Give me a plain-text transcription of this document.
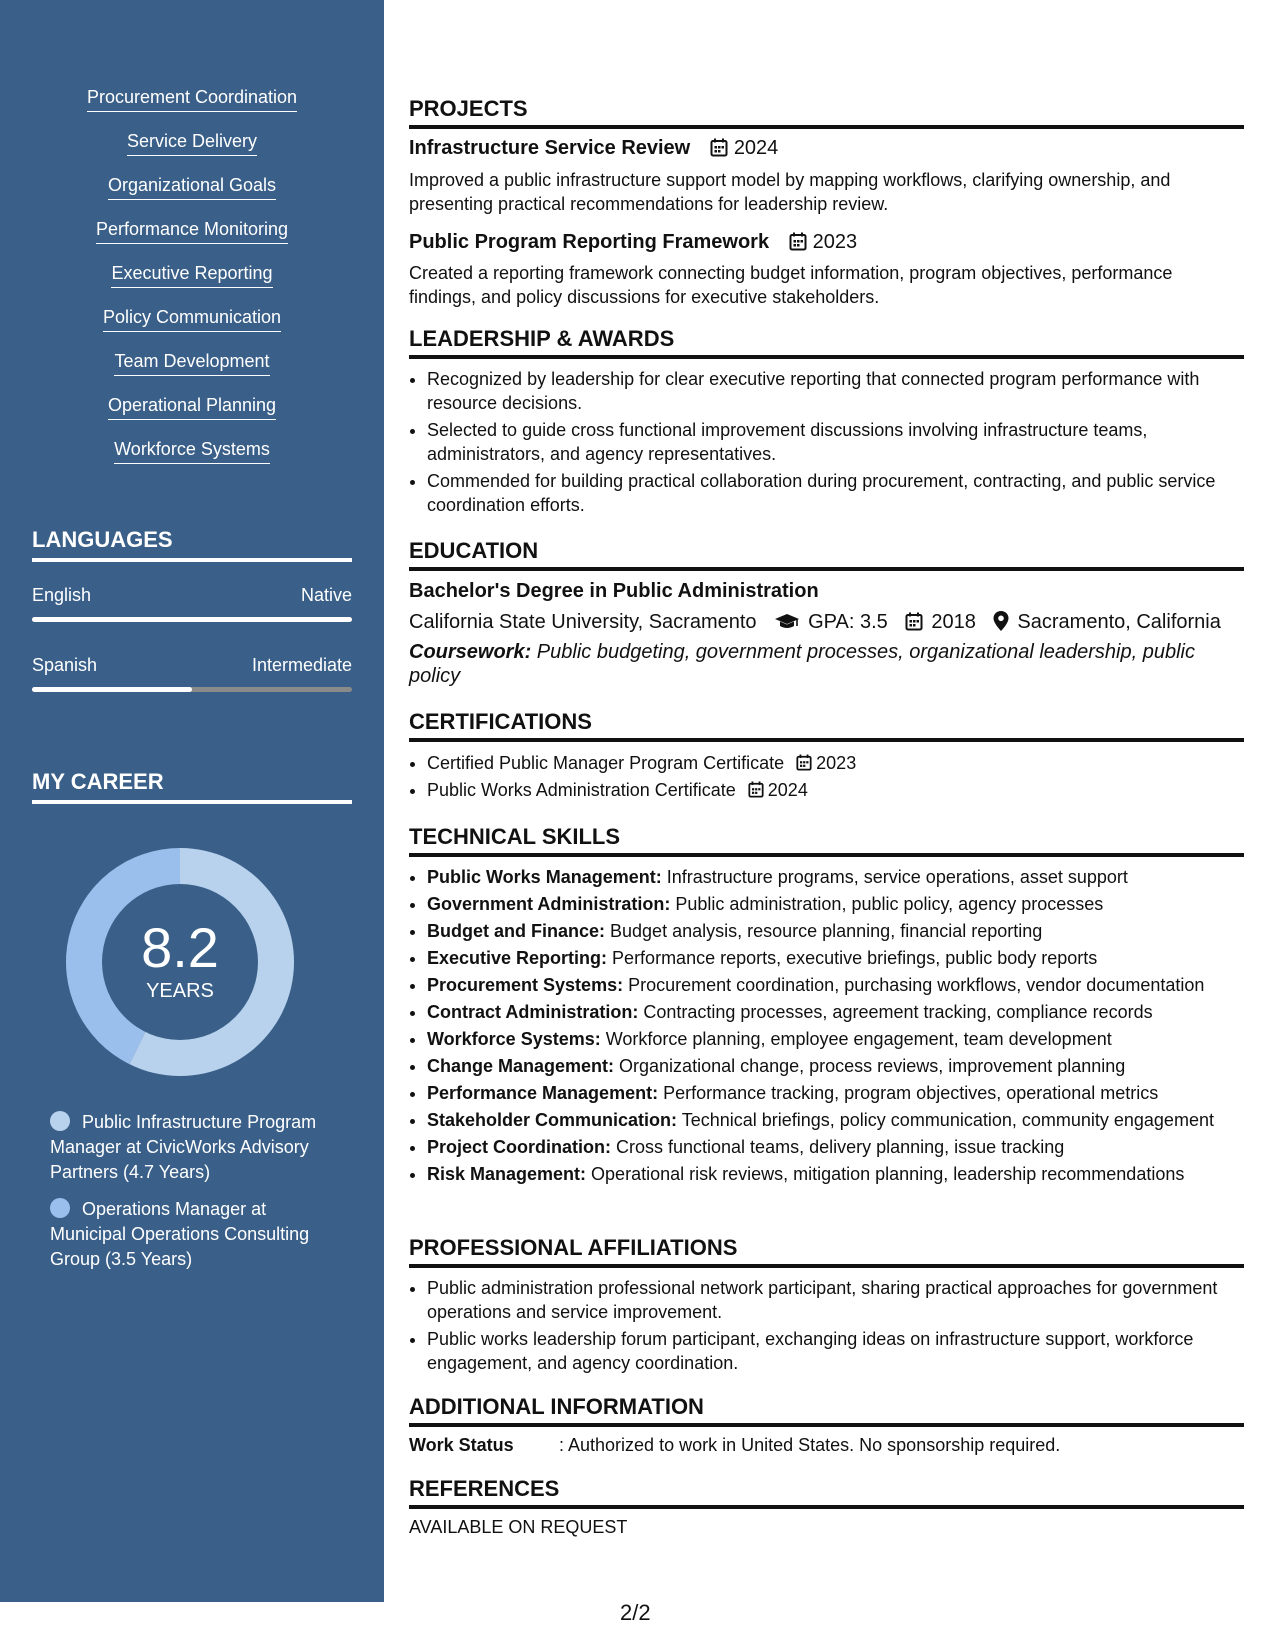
Procurement Coordination
Service Delivery
Organizational Goals
Performance Monitoring
Executive Reporting
Policy Communication
Team Development
Operational Planning
Workforce Systems
LANGUAGES
English	Native
Spanish	Intermediate
MY CAREER
8.2
YEARS
Public Infrastructure Program Manager at CivicWorks Advisory Partners (4.7 Years)
Operations Manager at Municipal Operations Consulting Group (3.5 Years)
PROJECTS
Infrastructure Service Review 2024
Improved a public infrastructure support model by mapping workflows, clarifying ownership, and presenting practical recommendations for leadership review.
Public Program Reporting Framework 2023
Created a reporting framework connecting budget information, program objectives, performance findings, and policy discussions for executive stakeholders.
LEADERSHIP & AWARDS
• Recognized by leadership for clear executive reporting that connected program performance with resource decisions.
• Selected to guide cross functional improvement discussions involving infrastructure teams, administrators, and agency representatives.
• Commended for building practical collaboration during procurement, contracting, and public service coordination efforts.
EDUCATION
Bachelor's Degree in Public Administration
California State University, Sacramento	GPA: 3.5 2018 Sacramento, California
Coursework: Public budgeting, government processes, organizational leadership, public policy
CERTIFICATIONS
• Certified Public Manager Program Certificate 2023
• Public Works Administration Certificate 2024
TECHNICAL SKILLS
• Public Works Management: Infrastructure programs, service operations, asset support
• Government Administration: Public administration, public policy, agency processes
• Budget and Finance: Budget analysis, resource planning, financial reporting
• Executive Reporting: Performance reports, executive briefings, public body reports
• Procurement Systems: Procurement coordination, purchasing workflows, vendor documentation
• Contract Administration: Contracting processes, agreement tracking, compliance records
• Workforce Systems: Workforce planning, employee engagement, team development
• Change Management: Organizational change, process reviews, improvement planning
• Performance Management: Performance tracking, program objectives, operational metrics
• Stakeholder Communication: Technical briefings, policy communication, community engagement
• Project Coordination: Cross functional teams, delivery planning, issue tracking
• Risk Management: Operational risk reviews, mitigation planning, leadership recommendations
PROFESSIONAL AFFILIATIONS
• Public administration professional network participant, sharing practical approaches for government operations and service improvement.
• Public works leadership forum participant, exchanging ideas on infrastructure support, workforce engagement, and agency coordination.
ADDITIONAL INFORMATION
Work Status	: Authorized to work in United States. No sponsorship required.
REFERENCES
AVAILABLE ON REQUEST
2/2
